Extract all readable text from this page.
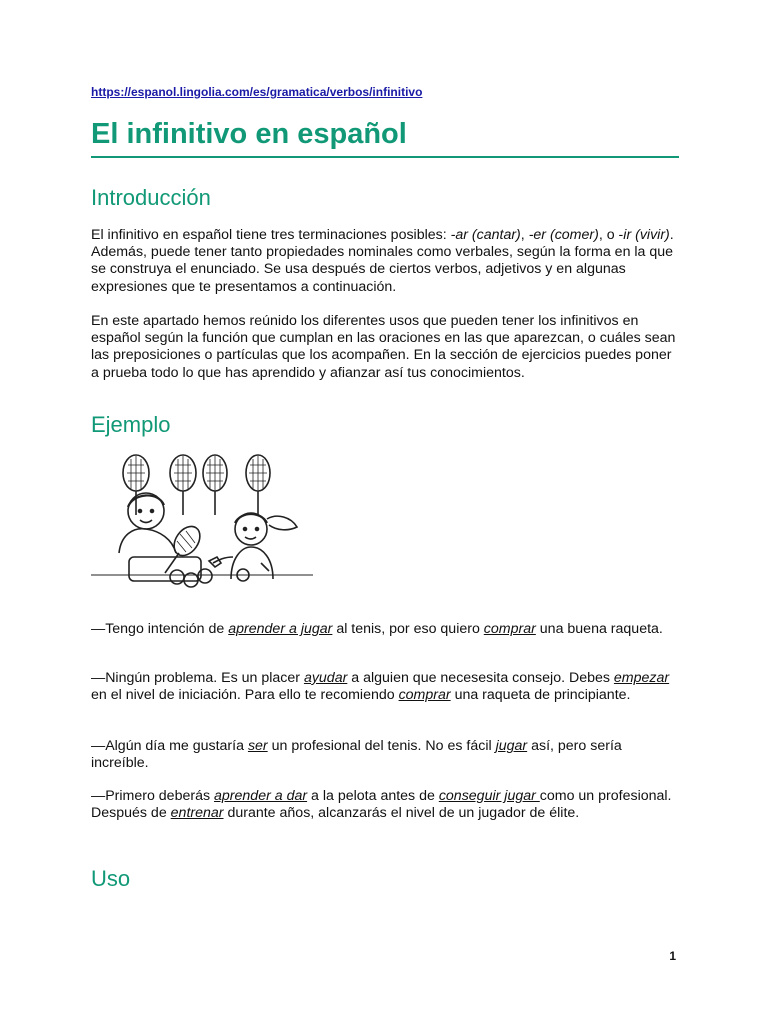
https://espanol.lingolia.com/es/gramatica/verbos/infinitivo
El infinitivo en español
Introducción

El infinitivo en español tiene tres terminaciones posibles: -ar (cantar), -er (comer), o -ir (vivir). Además, puede tener tanto propiedades nominales como verbales, según la forma en la que se construya el enunciado. Se usa después de ciertos verbos, adjetivos y en algunas expresiones que te presentamos a continuación.

En este apartado hemos reúnido los diferentes usos que pueden tener los infinitivos en español según la función que cumplan en las oraciones en las que aparezcan, o cuáles sean las preposiciones o partículas que los acompañen. En la sección de ejercicios puedes poner a prueba todo lo que has aprendido y afianzar así tus conocimientos.

Ejemplo

—Tengo intención de aprender a jugar al tenis, por eso quiero comprar una buena raqueta.

—Ningún problema. Es un placer ayudar a alguien que necesesita consejo. Debes empezar en el nivel de iniciación. Para ello te recomiendo comprar una raqueta de principiante.

—Algún día me gustaría ser un profesional del tenis. No es fácil jugar así, pero sería increíble.

—Primero deberás aprender a dar a la pelota antes de conseguir jugar como un profesional. Después de entrenar durante años, alcanzarás el nivel de un jugador de élite.

Uso
1
